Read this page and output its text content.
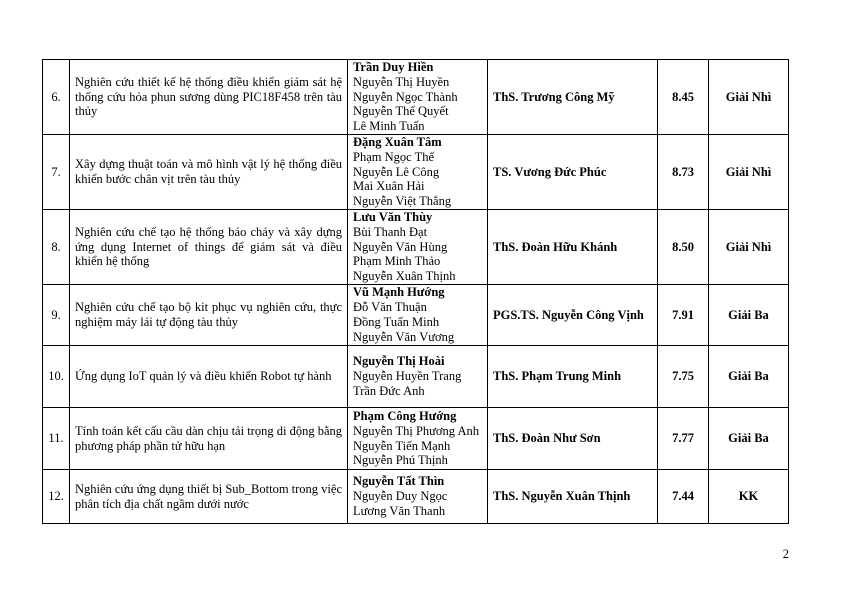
6.	Nghiên cứu thiết kế hệ thống điều khiển giám sát hệ thống cứu hỏa phun sương dùng PIC18F458 trên tàu thủy	Trần Duy Hiền
Nguyễn Thị Huyền
Nguyễn Ngọc Thành
Nguyễn Thế Quyết
Lê Minh Tuấn	ThS. Trương Công Mỹ	8.45	Giải Nhì
7.	Xây dựng thuật toán và mô hình vật lý hệ thống điều khiển bước chân vịt trên tàu thủy	Đặng Xuân Tâm
Phạm Ngọc Thế
Nguyễn Lê Công
Mai Xuân Hải
Nguyễn Việt Thắng	TS. Vương Đức Phúc	8.73	Giải Nhì
8.	Nghiên cứu chế tạo hệ thống báo cháy và xây dựng ứng dụng Internet of things để giám sát và điều khiển hệ thống	Lưu Văn Thùy
Bùi Thanh Đạt
Nguyễn Văn Hùng
Phạm Minh Thảo
Nguyễn Xuân Thịnh	ThS. Đoàn Hữu Khánh	8.50	Giải Nhì
9.	Nghiên cứu chế tạo bộ kit phục vụ nghiên cứu, thực nghiệm máy lái tự động tàu thủy	Vũ Mạnh Hướng
Đỗ Văn Thuận
Đồng Tuấn Minh
Nguyễn Văn Vương	PGS.TS. Nguyễn Công Vịnh	7.91	Giải Ba
10.	Ứng dụng IoT quản lý và điều khiển Robot tự hành	Nguyễn Thị Hoài
Nguyễn Huyền Trang
Trần Đức Anh	ThS. Phạm Trung Minh	7.75	Giải Ba
11.	Tính toán kết cấu cầu dàn chịu tải trọng di động bằng phương pháp phần tử hữu hạn	Phạm Công Hướng
Nguyễn Thị Phương Anh
Nguyễn Tiến Mạnh
Nguyễn Phú Thịnh	ThS. Đoàn Như Sơn	7.77	Giải Ba
12.	Nghiên cứu ứng dụng thiết bị Sub_Bottom trong việc phân tích địa chất ngầm dưới nước	Nguyễn Tất Thìn
Nguyễn Duy Ngọc
Lương Văn Thanh	ThS. Nguyễn Xuân Thịnh	7.44	KK
2
